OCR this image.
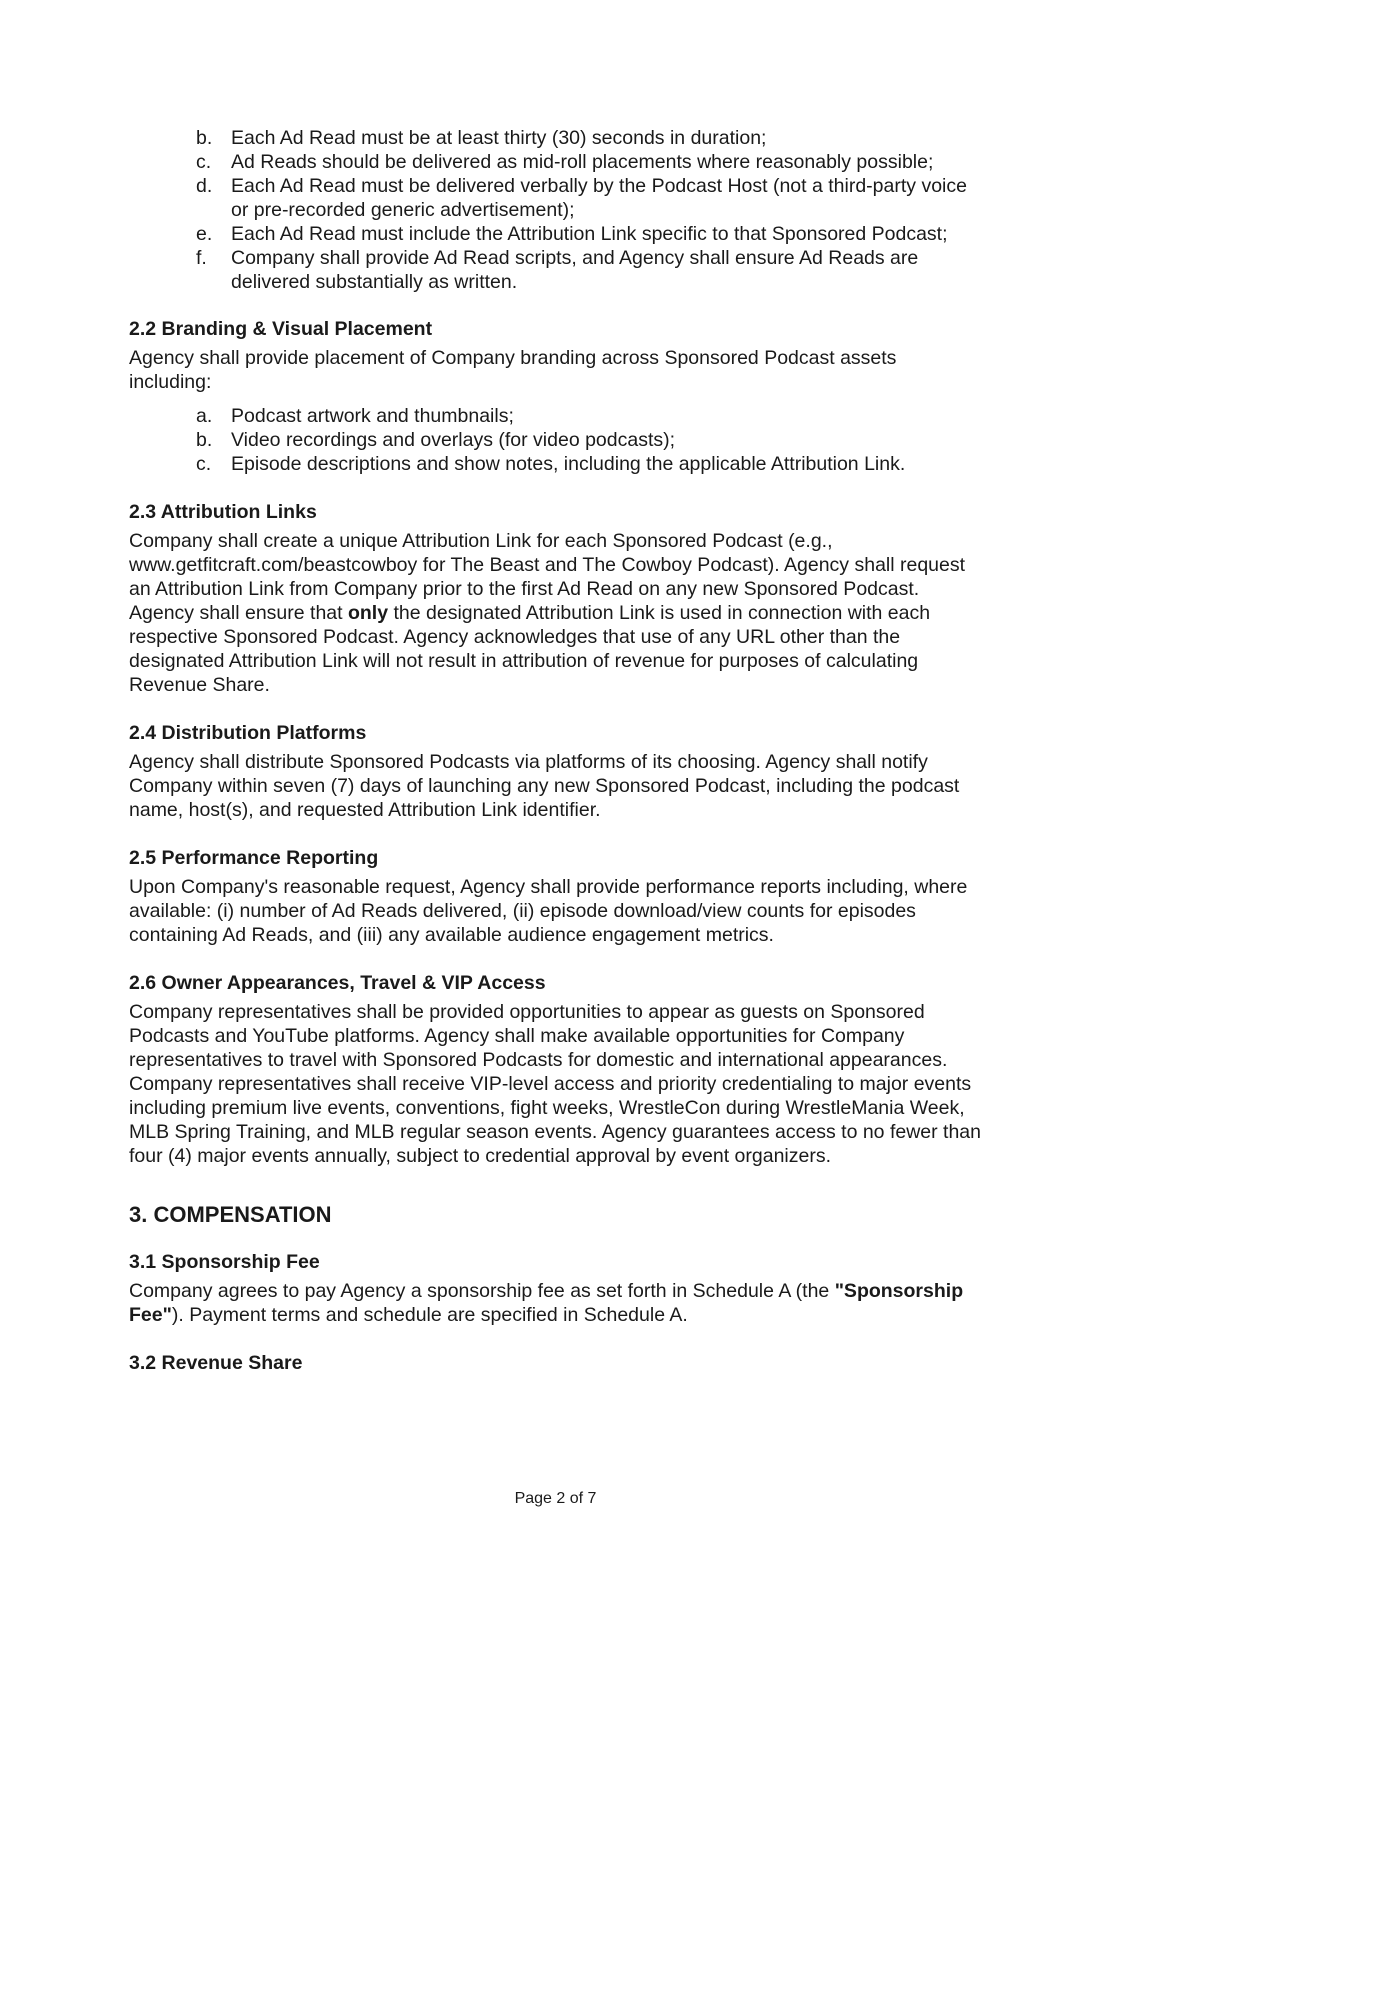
b. Each Ad Read must be at least thirty (30) seconds in duration;
c.	Ad Reads should be delivered as mid-roll placements where reasonably possible;
d. Each Ad Read must be delivered verbally by the Podcast Host (not a third-party voice or pre-recorded generic advertisement);
e. Each Ad Read must include the Attribution Link specific to that Sponsored Podcast;
f.	Company shall provide Ad Read scripts, and Agency shall ensure Ad Reads are delivered substantially as written.
2.2 Branding & Visual Placement

Agency shall provide placement of Company branding across Sponsored Podcast assets including:

a. Podcast artwork and thumbnails;
b. Video recordings and overlays (for video podcasts);
c.	Episode descriptions and show notes, including the applicable Attribution Link.
2.3 Attribution Links

Company shall create a unique Attribution Link for each Sponsored Podcast (e.g., www.getfitcraft.com/beastcowboy for The Beast and The Cowboy Podcast). Agency shall request an Attribution Link from Company prior to the first Ad Read on any new Sponsored Podcast. Agency shall ensure that only the designated Attribution Link is used in connection with each respective Sponsored Podcast. Agency acknowledges that use of any URL other than the designated Attribution Link will not result in attribution of revenue for purposes of calculating Revenue Share.

2.4 Distribution Platforms

Agency shall distribute Sponsored Podcasts via platforms of its choosing. Agency shall notify Company within seven (7) days of launching any new Sponsored Podcast, including the podcast name, host(s), and requested Attribution Link identifier.

2.5 Performance Reporting

Upon Company's reasonable request, Agency shall provide performance reports including, where available: (i) number of Ad Reads delivered, (ii) episode download/view counts for episodes containing Ad Reads, and (iii) any available audience engagement metrics.

2.6 Owner Appearances, Travel & VIP Access

Company representatives shall be provided opportunities to appear as guests on Sponsored Podcasts and YouTube platforms. Agency shall make available opportunities for Company representatives to travel with Sponsored Podcasts for domestic and international appearances. Company representatives shall receive VIP-level access and priority credentialing to major events including premium live events, conventions, fight weeks, WrestleCon during WrestleMania Week, MLB Spring Training, and MLB regular season events. Agency guarantees access to no fewer than four (4) major events annually, subject to credential approval by event organizers.

3. COMPENSATION
3.1 Sponsorship Fee

Company agrees to pay Agency a sponsorship fee as set forth in Schedule A (the "Sponsorship Fee"). Payment terms and schedule are specified in Schedule A.

3.2 Revenue Share
Page 2 of 7
